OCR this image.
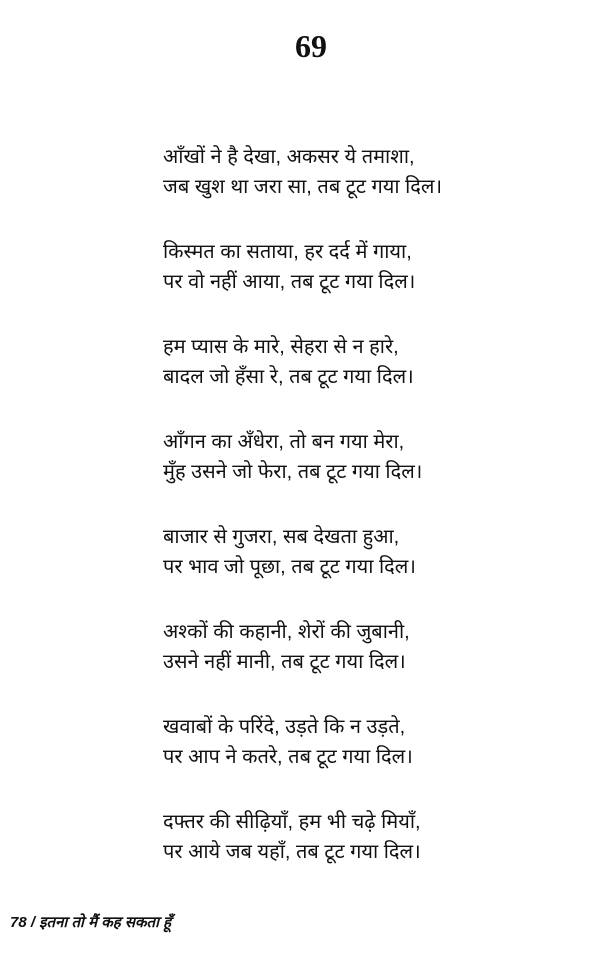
69
आँखों ने है देखा, अकसर ये तमाशा,
जब खुश था जरा सा, तब टूट गया दिल।
किस्मत का सताया, हर दर्द में गाया,
पर वो नहीं आया, तब टूट गया दिल।
हम प्यास के मारे, सेहरा से न हारे,
बादल जो हँसा रे, तब टूट गया दिल।
आँगन का अँधेरा, तो बन गया मेरा,
मुँह उसने जो फेरा, तब टूट गया दिल।
बाजार से गुजरा, सब देखता हुआ,
पर भाव जो पूछा, तब टूट गया दिल।
अश्कों की कहानी, शेरों की जुबानी,
उसने नहीं मानी, तब टूट गया दिल।
खवाबों के परिंदे, उड़ते कि न उड़ते,
पर आप ने कतरे, तब टूट गया दिल।
दफ्तर की सीढ़ियाँ, हम भी चढ़े मियाँ,
पर आये जब यहाँ, तब टूट गया दिल।
78 / इतना तो मैं कह सकता हूँ
